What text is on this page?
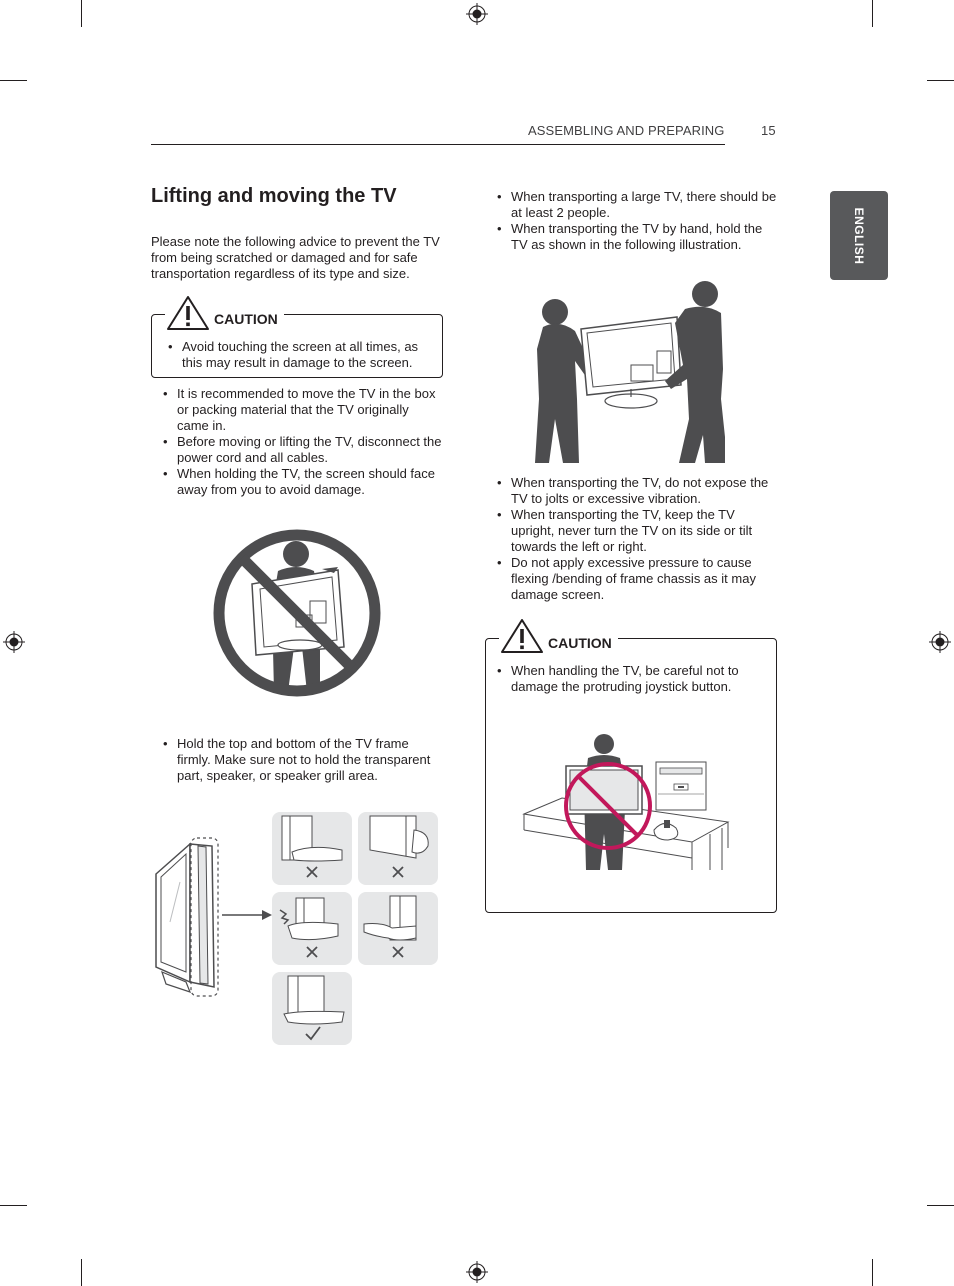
ASSEMBLING AND PREPARING	15
ENGLISH
Lifting and moving the TV
Please note the following advice to prevent the TV from being scratched or damaged and for safe transportation regardless of its type and size.
CAUTION
• Avoid touching the screen at all times, as this may result in damage to the screen.
• It is recommended to move the TV in the box or packing material that the TV originally came in.
• Before moving or lifting the TV, disconnect the power cord and all cables.
• When holding the TV, the screen should face away from you to avoid damage.
• Hold the top and bottom of the TV frame firmly. Make sure not to hold the transparent part, speaker, or speaker grill area.
• When transporting a large TV, there should be at least 2 people.
• When transporting the TV by hand, hold the TV as shown in the following illustration.
• When transporting the TV, do not expose the TV to jolts or excessive vibration.
• When transporting the TV, keep the TV upright, never turn the TV on its side or tilt towards the left or right.
• Do not apply excessive pressure to cause flexing /bending of frame chassis as it may damage screen.
CAUTION
• When handling the TV, be careful not to damage the protruding joystick button.
